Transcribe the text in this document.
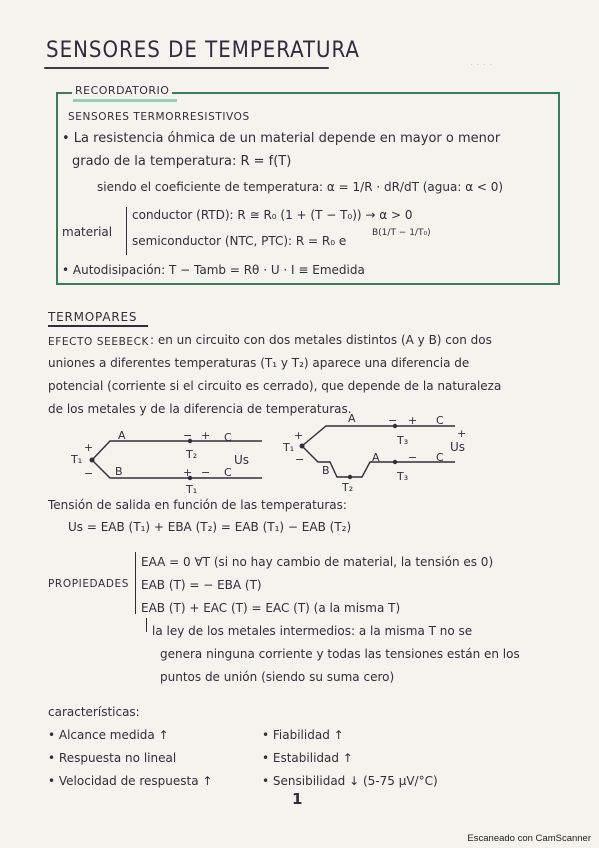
· · · ·
SENSORES DE TEMPERATURA
RECORDATORIO
SENSORES TERMORRESISTIVOS
• La resistencia óhmica de un material depende en mayor o menor
grado de la temperatura: R = f(T)
siendo el coeficiente de temperatura: α = 1/R · dR/dT (agua: α < 0)
material
conductor (RTD): R ≅ R₀ (1 + (T − T₀)) → α > 0
semiconductor (NTC, PTC): R = R₀ e
B(1/T − 1/T₀)
• Autodisipación: T − Tamb = Rθ · U · I ≡ Emedida
TERMOPARES
EFECTO SEEBECK : en un circuito con dos metales distintos (A y B) con dos
uniones a diferentes temperaturas (T₁ y T₂) aparece una diferencia de
potencial (corriente si el circuito es cerrado), que depende de la naturaleza
de los metales y de la diferencia de temperaturas.
T₁
+
−
A
B
− + C
T₂
+ − C
T₁
Us
T₁
+
−
A
B
A
T₂
− + C
T₃
− C
T₃
+
Us
Tensión de salida en función de las temperaturas:
Us = EAB (T₁) + EBA (T₂) = EAB (T₁) − EAB (T₂)
PROPIEDADES
EAA = 0 ∀T (si no hay cambio de material, la tensión es 0)
EAB (T) = − EBA (T)
EAB (T) + EAC (T) = EAC (T) (a la misma T)
la ley de los metales intermedios: a la misma T no se
genera ninguna corriente y todas las tensiones están en los
puntos de unión (siendo su suma cero)
características:
• Alcance medida ↑
• Respuesta no lineal
• Velocidad de respuesta ↑
• Fiabilidad ↑
• Estabilidad ↑
• Sensibilidad ↓ (5-75 μV/°C)
1
Escaneado con CamScanner
